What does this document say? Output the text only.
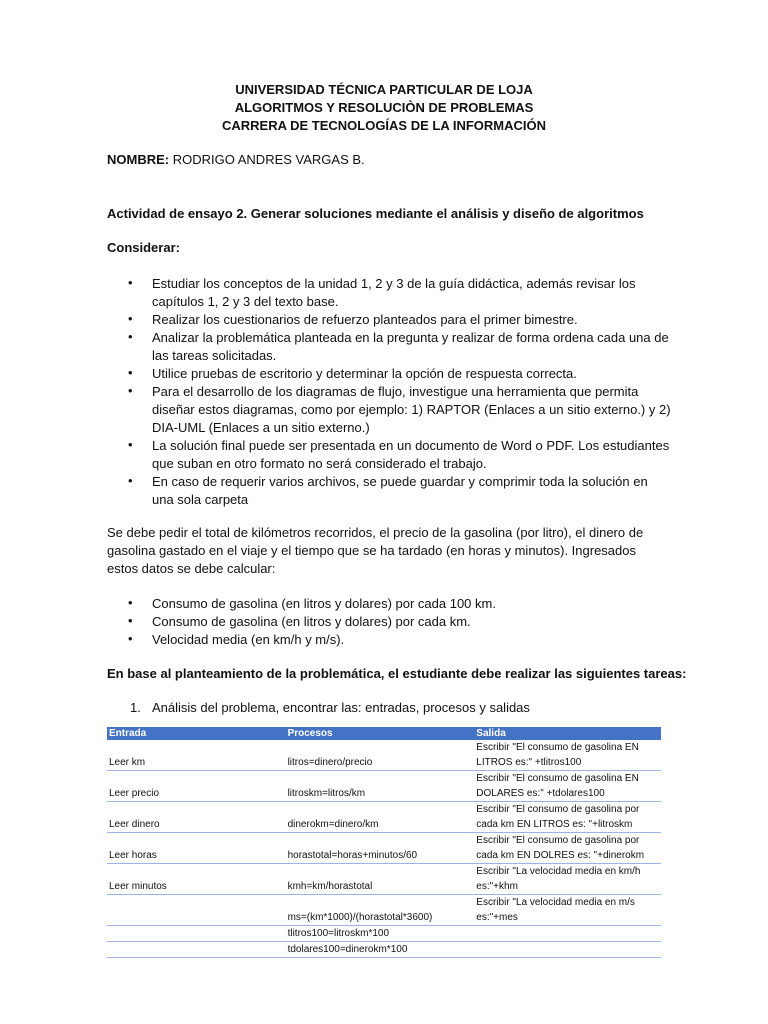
UNIVERSIDAD TÉCNICA PARTICULAR DE LOJA
ALGORITMOS Y RESOLUCIÒN DE PROBLEMAS
CARRERA DE TECNOLOGÍAS DE LA INFORMACIÓN
NOMBRE: RODRIGO ANDRES VARGAS B.
Actividad de ensayo 2. Generar soluciones mediante el análisis y diseño de algoritmos
Considerar:
• Estudiar los conceptos de la unidad 1, 2 y 3 de la guía didáctica, además revisar los capítulos 1, 2 y 3 del texto base.
• Realizar los cuestionarios de refuerzo planteados para el primer bimestre.
• Analizar la problemática planteada en la pregunta y realizar de forma ordena cada una de las tareas solicitadas.
• Utilice pruebas de escritorio y determinar la opción de respuesta correcta.
• Para el desarrollo de los diagramas de flujo, investigue una herramienta que permita diseñar estos diagramas, como por ejemplo: 1) RAPTOR (Enlaces a un sitio externo.) y 2) DIA-UML (Enlaces a un sitio externo.)
• La solución final puede ser presentada en un documento de Word o PDF. Los estudiantes que suban en otro formato no será considerado el trabajo.
• En caso de requerir varios archivos, se puede guardar y comprimir toda la solución en una sola carpeta
Se debe pedir el total de kilómetros recorridos, el precio de la gasolina (por litro), el dinero de gasolina gastado en el viaje y el tiempo que se ha tardado (en horas y minutos). Ingresados estos datos se debe calcular:
• Consumo de gasolina (en litros y dolares) por cada 100 km.
• Consumo de gasolina (en litros y dolares) por cada km.
• Velocidad media (en km/h y m/s).
En base al planteamiento de la problemática, el estudiante debe realizar las siguientes tareas:
1. Análisis del problema, encontrar las: entradas, procesos y salidas
Entrada	Procesos	Salida
Leer km	litros=dinero/precio	Escribir "El consumo de gasolina EN LITROS es:" +tlitros100
Leer precio	litroskm=litros/km	Escribir "El consumo de gasolina EN DOLARES es:" +tdolares100
Leer dinero	dinerokm=dinero/km	Escribir "El consumo de gasolina por cada km EN LITROS es: "+litroskm
Leer horas	horastotal=horas+minutos/60	Escribir "El consumo de gasolina por cada km EN DOLRES es: "+dinerokm
Leer minutos	kmh=km/horastotal	Escribir "La velocidad media en km/h es:"+khm
	ms=(km*1000)/(horastotal*3600)	Escribir "La velocidad media en m/s es:"+mes
	tlitros100=litroskm*100	
	tdolares100=dinerokm*100	
